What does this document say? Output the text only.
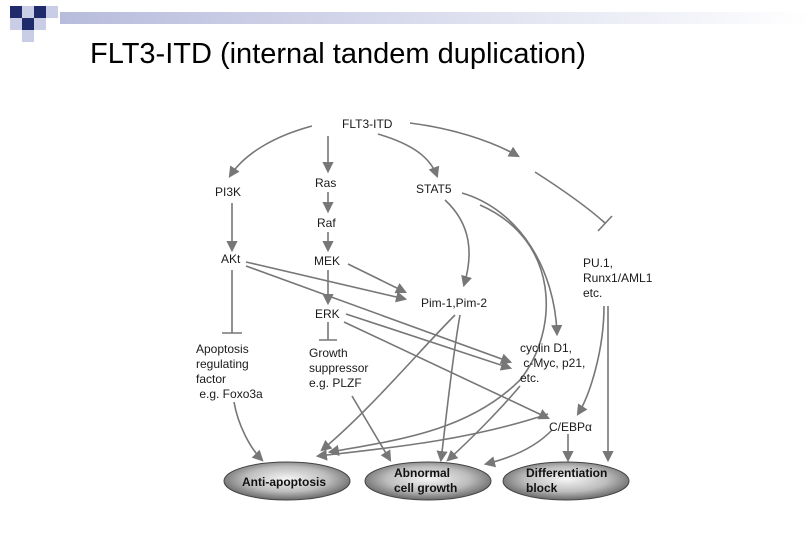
FLT3-ITD (internal tandem duplication)
FLT3-ITD
PI3K
Ras	STAT5
Raf
AKt	MEK
Pim-1,Pim-2
ERK
C/EBPα
PU.1, Runx1/AML1 etc.
Apoptosis regulating factor  e.g. Foxo3a
Growth suppressor e.g. PLZF
cyclin D1,  c-Myc, p21, etc.
Anti-apoptosis
Abnormal cell growth
Differentiation block
